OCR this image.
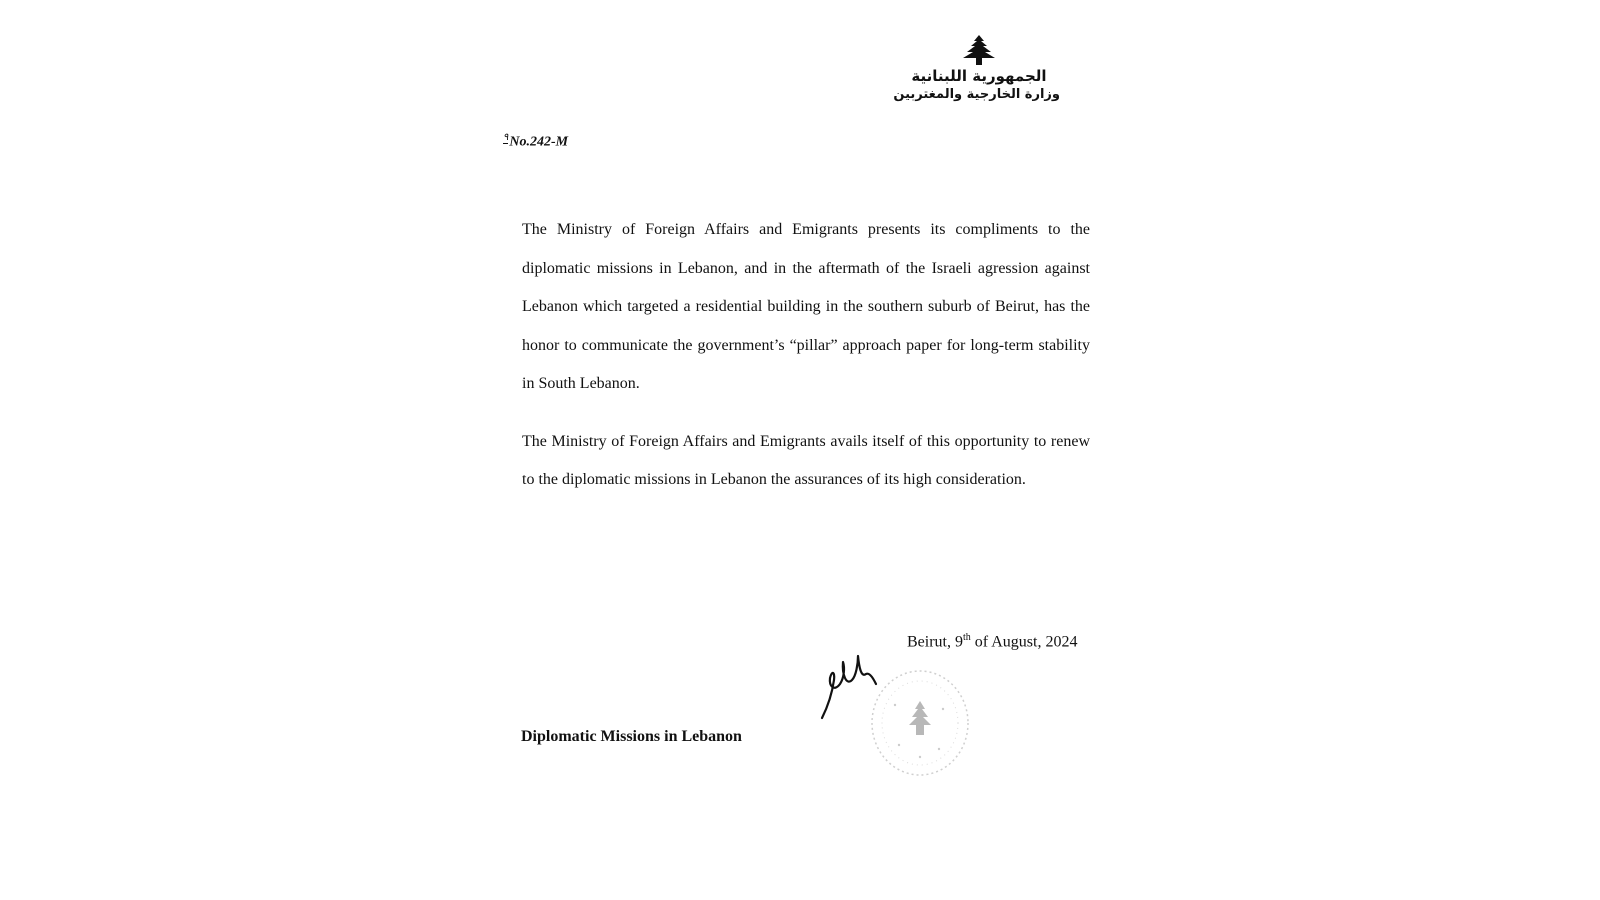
الجمهورية اللبنانية
وزارة الخارجية والمغتربين
$^٩$No.242-M

The Ministry of Foreign Affairs and Emigrants presents its compliments to the diplomatic missions in Lebanon, and in the aftermath of the Israeli agression against Lebanon which targeted a residential building in the southern suburb of Beirut, has the honor to communicate the government’s “pillar” approach paper for long-term stability in South Lebanon.

The Ministry of Foreign Affairs and Emigrants avails itself of this opportunity to renew to the diplomatic missions in Lebanon the assurances of its high consideration.

Beirut, 9th of August, 2024
Diplomatic Missions in Lebanon
